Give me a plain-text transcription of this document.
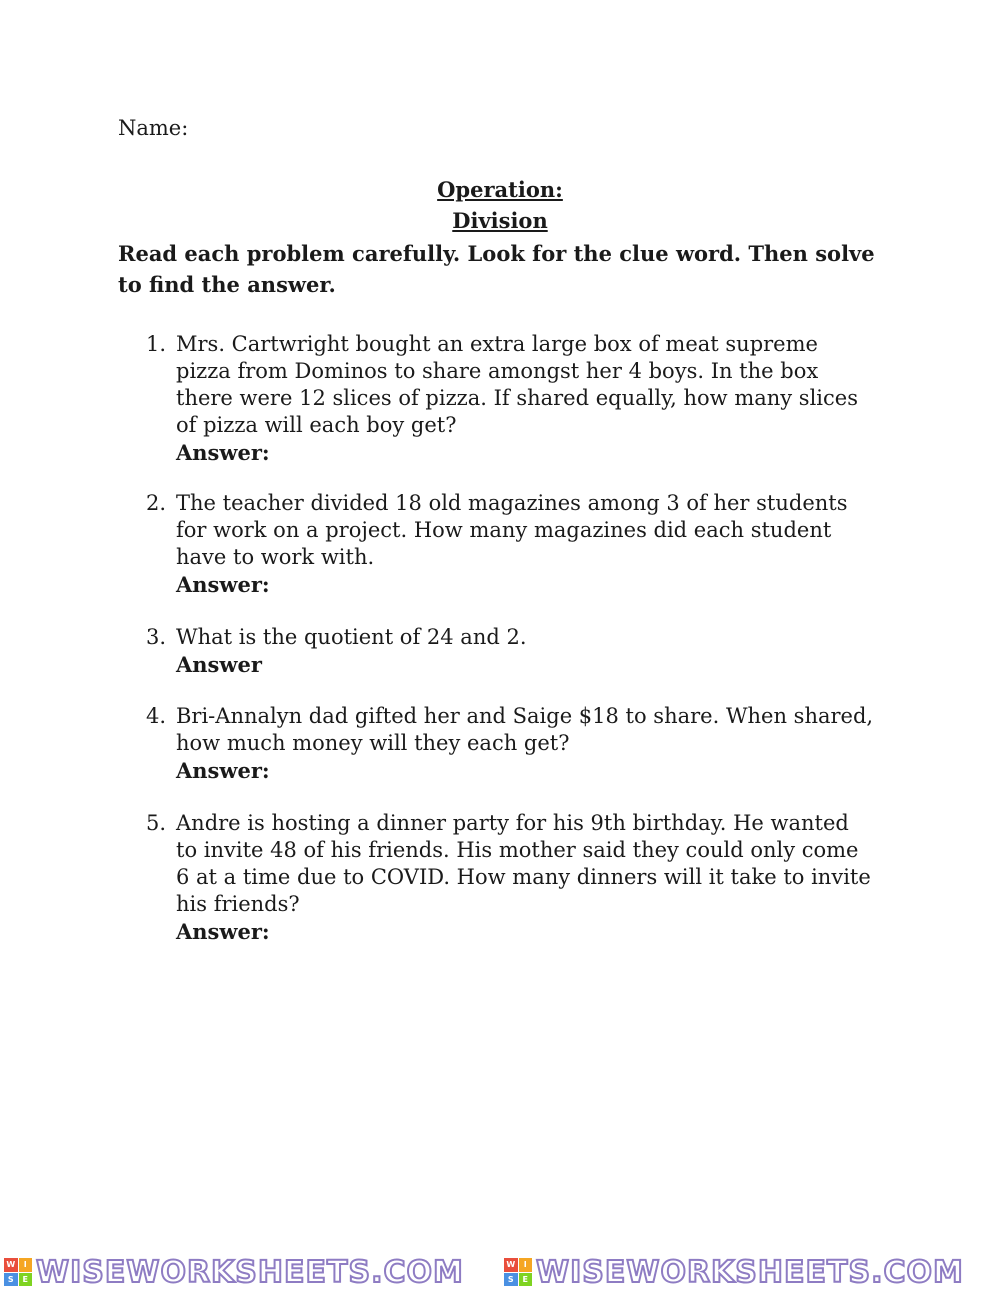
Name:
Operation:
Division
Read each problem carefully. Look for the clue word. Then solve to find the answer.
1. Mrs. Cartwright bought an extra large box of meat supreme pizza from Dominos to share amongst her 4 boys. In the box there were 12 slices of pizza. If shared equally, how many slices of pizza will each boy get?
Answer:
2. The teacher divided 18 old magazines among 3 of her students for work on a project. How many magazines did each student have to work with.
Answer:
3. What is the quotient of 24 and 2.
Answer
4. Bri-Annalyn dad gifted her and Saige $18 to share. When shared, how much money will they each get?
Answer:
5. Andre is hosting a dinner party for his 9th birthday. He wanted to invite 48 of his friends. His mother said they could only come 6 at a time due to COVID. How many dinners will it take to invite his friends?
Answer:
W	I
S	E WISEWORKSHEETS.COM	W	I
S	E WISEWORKSHEETS.COM
